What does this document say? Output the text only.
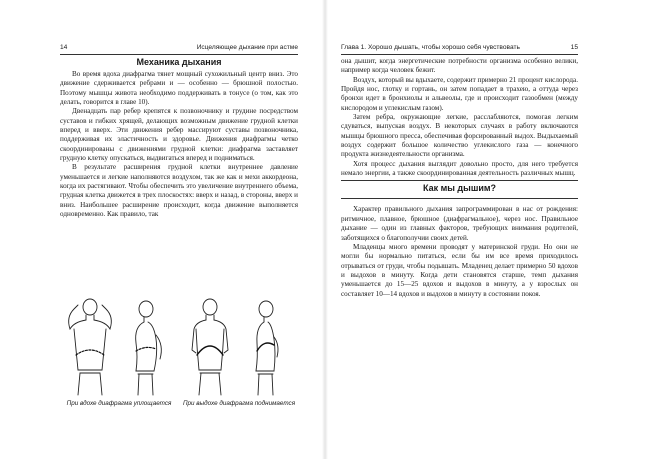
14	Исцеляющее дыхание при астме
Механика дыхания

Во время вдоха диафрагма тянет мощный сухожильный центр вниз. Это движение сдерживается ребрами и — особенно — брюшной полостью. Поэтому мышцы живота необходимо поддерживать в тонусе (о том, как это делать, говорится в главе 10).

Двенадцать пар ребер крепятся к позвоночнику и грудине посредством суставов и гибких хрящей, делающих возможным движение грудной клетки вперед и вверх. Эти движения ребер массируют суставы позвоночника, поддерживая их эластичность и здоровье. Движения диафрагмы четко скоординированы с движениями грудной клетки: диафрагма заставляет грудную клетку опускаться, выдвигаться вперед и подниматься.

В результате расширения грудной клетки внутреннее давление уменьшается и легкие наполняются воздухом, так же как и мехи аккордеона, когда их растягивают. Чтобы обеспечить это увеличение внутреннего объема, грудная клетка движется в трех плоскостях: вверх и назад, в стороны, вверх и вниз. Наибольшее расширение происходит, когда движение выполняется одновременно. Как правило, так

При вдохе диафрагма уплощается	При выдохе диафрагма поднимается
Глава 1. Хорошо дышать, чтобы хорошо себя чувствовать	15

она дышит, когда энергетические потребности организма особенно велики, например когда человек бежит.

Воздух, который вы вдыхаете, содержит примерно 21 процент кислорода. Пройдя нос, глотку и гортань, он затем попадает в трахею, а оттуда через бронхи идет в бронхиолы и альвеолы, где и происходит газообмен (между кислородом и углекислым газом).

Затем ребра, окружающие легкие, расслабляются, помогая легким сдуваться, выпуская воздух. В некоторых случаях в работу включаются мышцы брюшного пресса, обеспечивая форсированный выдох. Выдыхаемый воздух содержит большое количество углекислого газа — конечного продукта жизнедеятельности организма.

Хотя процесс дыхания выглядит довольно просто, для него требуется немало энергии, а также скоординированная деятельность различных мышц.

Как мы дышим?

Характер правильного дыхания запрограммирован в нас от рождения: ритмичное, плавное, брюшное (диафрагмальное), через нос. Правильное дыхание — один из главных факторов, требующих внимания родителей, заботящихся о благополучии своих детей.

Младенцы много времени проводят у материнской груди. Но они не могли бы нормально питаться, если бы им все время приходилось отрываться от груди, чтобы подышать. Младенец делает примерно 50 вдохов и выдохов в минуту. Когда дети становятся старше, темп дыхания уменьшается до 15—25 вдохов и выдохов в минуту, а у взрослых он составляет 10—14 вдохов и выдохов в минуту в состоянии покоя.
